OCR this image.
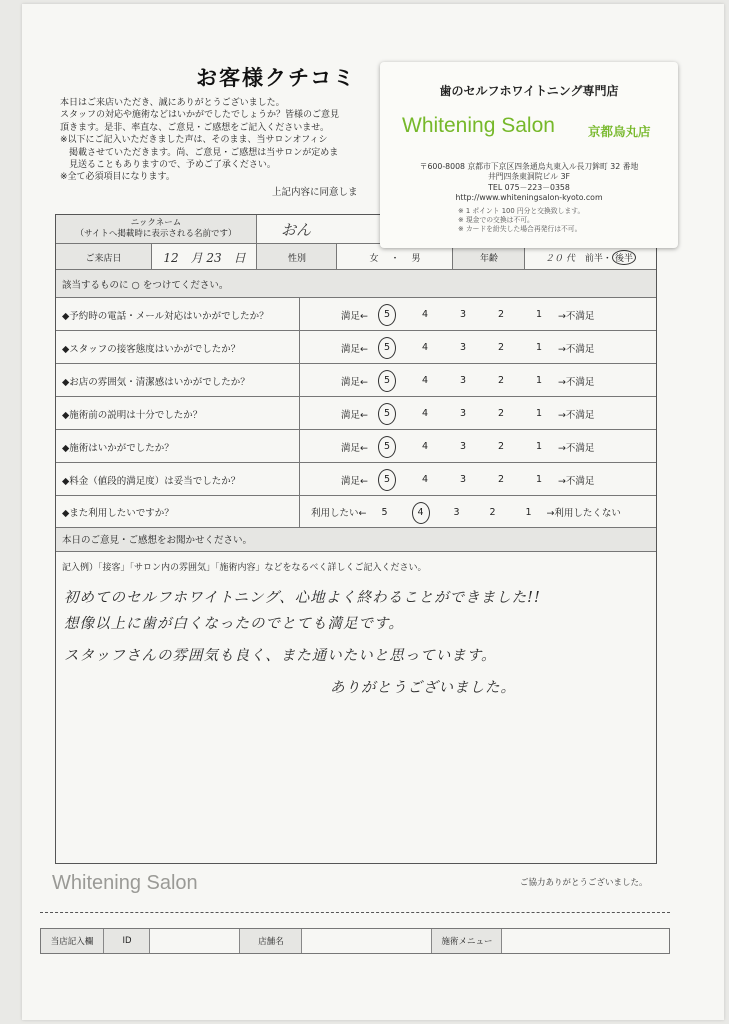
お客様クチコミ
本日はご来店いただき、誠にありがとうございました。
スタッフの対応や施術などはいかがでしたでしょうか？皆様のご意見
頂きます。是非、率直な、ご意見・ご感想をご記入くださいませ。
※以下にご記入いただきました声は、そのまま、当サロンオフィシ
　掲載させていただきます。尚、ご意見・ご感想は当サロンが定めま
　見送ることもありますので、予めご了承ください。
※全て必須項目になります。
上記内容に同意しま
ニックネーム
（サイトへ掲載時に表示される名前です）	おん
ご来店日	12　月 23　日	性別	女 ・ 男	年齢	２０ 代 前半 ・ 後半
該当するものに ○ をつけてください。
◆予約時の電話・メール対応はいかがでしたか？	満足←	5	4	3	2	1	→不満足
◆スタッフの接客態度はいかがでしたか？	満足←	5	4	3	2	1	→不満足
◆お店の雰囲気・清潔感はいかがでしたか？	満足←	5	4	3	2	1	→不満足
◆施術前の説明は十分でしたか？	満足←	5	4	3	2	1	→不満足
◆施術はいかがでしたか？	満足←	5	4	3	2	1	→不満足
◆料金（値段的満足度）は妥当でしたか？	満足←	5	4	3	2	1	→不満足
◆また利用したいですか？	利用したい←	5	4	3	2	1	→利用したくない
本日のご意見・ご感想をお聞かせください。
記入例）「接客」「サロン内の雰囲気」「施術内容」などをなるべく詳しくご記入ください。
初めてのセルフホワイトニング、心地よく終わることができました!!
想像以上に歯が白くなったのでとても満足です。
スタッフさんの雰囲気も良く、また通いたいと思っています。
ありがとうございました。
歯のセルフホワイトニング専門店
Whitening Salon	京都烏丸店
〒600-8008 京都市下京区四条通烏丸東入ル長刀鉾町 32 番地
井門四条東洞院ビル 3F
TEL 075－223－0358
http://www.whiteningsalon-kyoto.com
※ 1 ポイント 100 円分と交換致します。
※ 現金での交換は不可。
※ カードを紛失した場合再発行は不可。
Whitening Salon	ご協力ありがとうございました。
当店記入欄	ID	店舗名	施術メニュー
